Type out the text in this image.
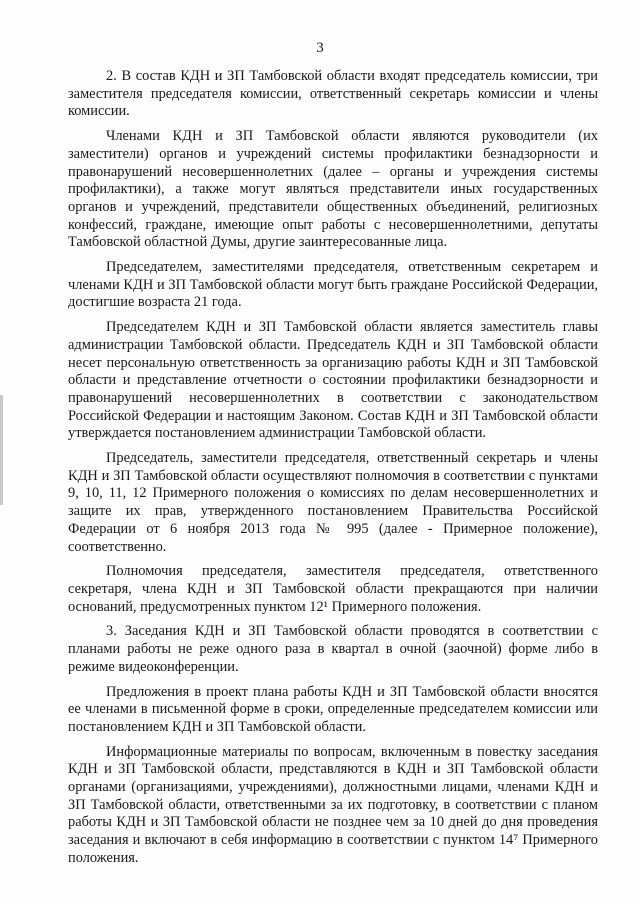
3

2. В состав КДН и ЗП Тамбовской области входят председатель комиссии, три заместителя председателя комиссии, ответственный секретарь комиссии и члены комиссии.

Членами КДН и ЗП Тамбовской области являются руководители (их заместители) органов и учреждений системы профилактики безнадзорности и правонарушений несовершеннолетних (далее – органы и учреждения системы профилактики), а также могут являться представители иных государственных органов и учреждений, представители общественных объединений, религиозных конфессий, граждане, имеющие опыт работы с несовершеннолетними, депутаты Тамбовской областной Думы, другие заинтересованные лица.

Председателем, заместителями председателя, ответственным секретарем и членами КДН и ЗП Тамбовской области могут быть граждане Российской Федерации, достигшие возраста 21 года.

Председателем КДН и ЗП Тамбовской области является заместитель главы администрации Тамбовской области. Председатель КДН и ЗП Тамбовской области несет персональную ответственность за организацию работы КДН и ЗП Тамбовской области и представление отчетности о состоянии профилактики безнадзорности и правонарушений несовершеннолетних в соответствии с законодательством Российской Федерации и настоящим Законом. Состав КДН и ЗП Тамбовской области утверждается постановлением администрации Тамбовской области.

Председатель, заместители председателя, ответственный секретарь и члены КДН и ЗП Тамбовской области осуществляют полномочия в соответствии с пунктами 9, 10, 11, 12 Примерного положения о комиссиях по делам несовершеннолетних и защите их прав, утвержденного постановлением Правительства Российской Федерации от 6 ноября 2013 года № 995 (далее - Примерное положение), соответственно.

Полномочия председателя, заместителя председателя, ответственного секретаря, члена КДН и ЗП Тамбовской области прекращаются при наличии оснований, предусмотренных пунктом 12¹ Примерного положения.

3. Заседания КДН и ЗП Тамбовской области проводятся в соответствии с планами работы не реже одного раза в квартал в очной (заочной) форме либо в режиме видеоконференции.

Предложения в проект плана работы КДН и ЗП Тамбовской области вносятся ее членами в письменной форме в сроки, определенные председателем комиссии или постановлением КДН и ЗП Тамбовской области.

Информационные материалы по вопросам, включенным в повестку заседания КДН и ЗП Тамбовской области, представляются в КДН и ЗП Тамбовской области органами (организациями, учреждениями), должностными лицами, членами КДН и ЗП Тамбовской области, ответственными за их подготовку, в соответствии с планом работы КДН и ЗП Тамбовской области не позднее чем за 10 дней до дня проведения заседания и включают в себя информацию в соответствии с пунктом 14⁷ Примерного положения.
